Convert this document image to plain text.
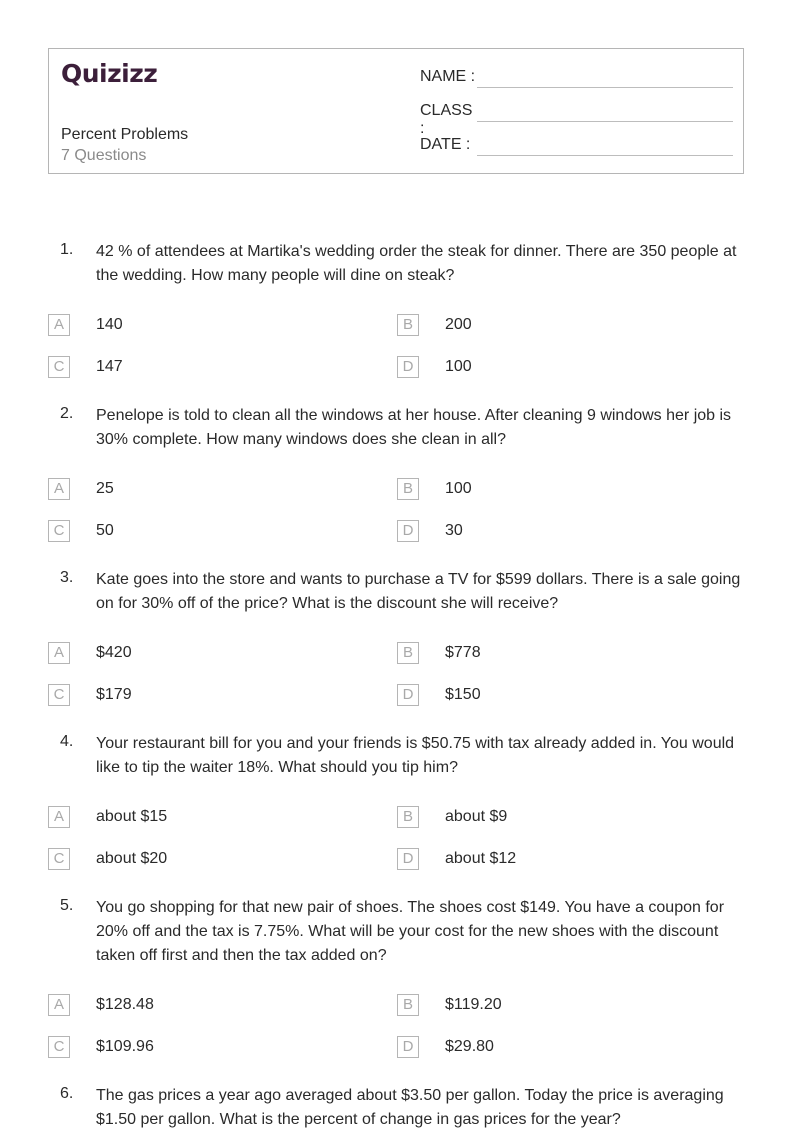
Quizizz
Percent Problems
7 Questions
NAME :
CLASS :
DATE :
1. 42 % of attendees at Martika's wedding order the steak for dinner. There are 350 people at the wedding. How many people will dine on steak?
A	140	B	200
C	147	D	100
2. Penelope is told to clean all the windows at her house. After cleaning 9 windows her job is 30% complete. How many windows does she clean in all?
A	25	B	100
C	50	D	30
3. Kate goes into the store and wants to purchase a TV for $599 dollars. There is a sale going on for 30% off of the price? What is the discount she will receive?
A	$420	B	$778
C	$179	D	$150
4. Your restaurant bill for you and your friends is $50.75 with tax already added in. You would like to tip the waiter 18%. What should you tip him?
A	about $15	B	about $9
C	about $20	D	about $12
5. You go shopping for that new pair of shoes. The shoes cost $149. You have a coupon for 20% off and the tax is 7.75%. What will be your cost for the new shoes with the discount taken off first and then the tax added on?
A	$128.48	B	$119.20
C	$109.96	D	$29.80
6. The gas prices a year ago averaged about $3.50 per gallon. Today the price is averaging $1.50 per gallon. What is the percent of change in gas prices for the year?
